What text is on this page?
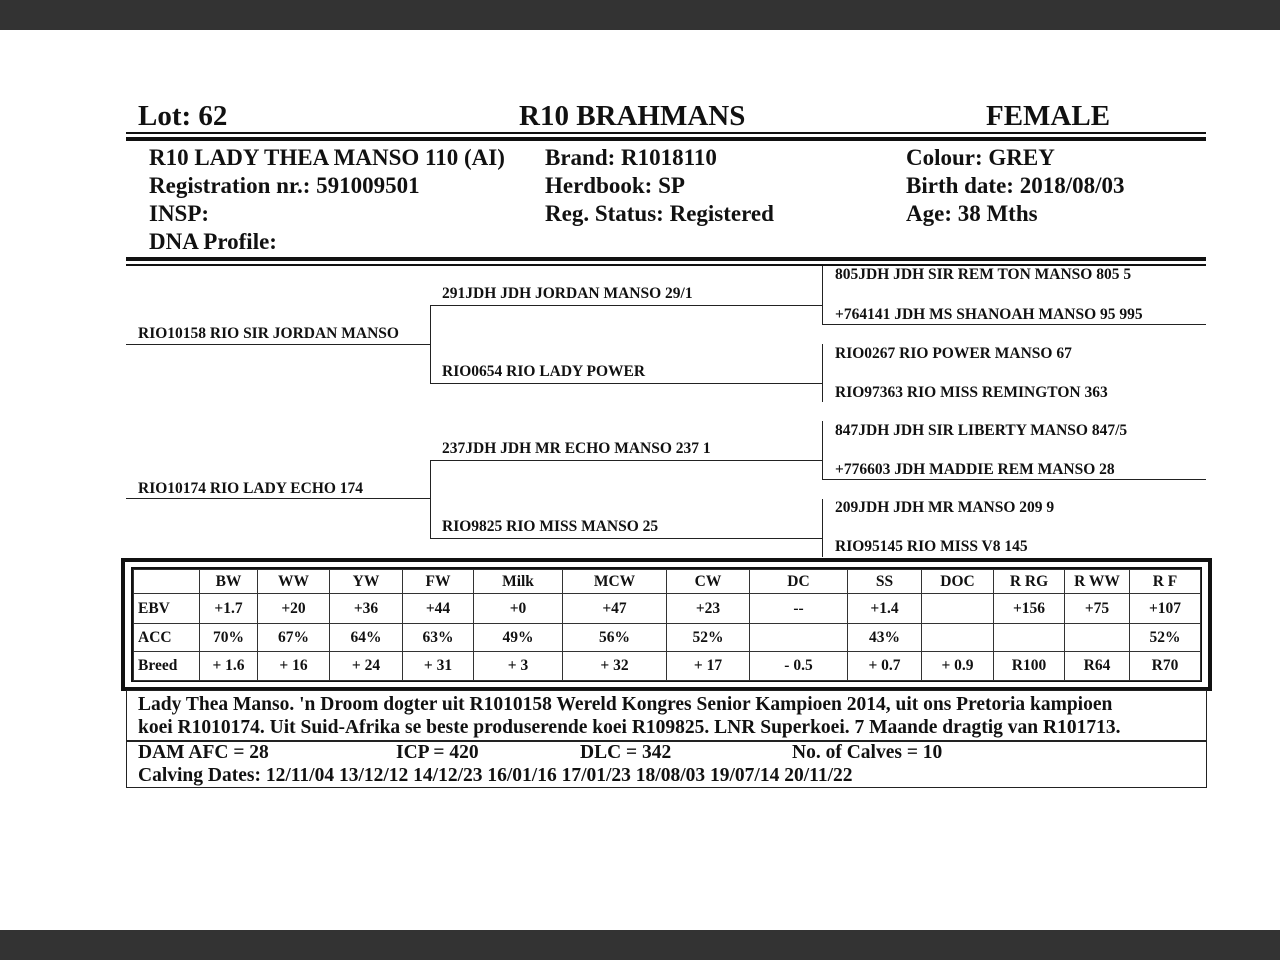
Lot: 62	R10 BRAHMANS	FEMALE
R10 LADY THEA MANSO 110 (AI)
Registration nr.: 591009501
INSP:
DNA Profile:
Brand: R1018110
Herdbook: SP
Reg. Status: Registered
Colour: GREY
Birth date: 2018/08/03
Age: 38 Mths
RIO10158 RIO SIR JORDAN MANSO
RIO10174 RIO LADY ECHO 174
291JDH JDH JORDAN MANSO 29/1
RIO0654 RIO LADY POWER
237JDH JDH MR ECHO MANSO 237 1
RIO9825 RIO MISS MANSO 25
805JDH JDH SIR REM TON MANSO 805 5
+764141 JDH MS SHANOAH MANSO 95 995
RIO0267 RIO POWER MANSO 67
RIO97363 RIO MISS REMINGTON 363
847JDH JDH SIR LIBERTY MANSO 847/5
+776603 JDH MADDIE REM MANSO 28
209JDH JDH MR MANSO 209 9
RIO95145 RIO MISS V8 145
	BW	WW	YW	FW	Milk	MCW	CW	DC	SS	DOC	R RG	R WW	R F
EBV	+1.7	+20	+36	+44	+0	+47	+23	--	+1.4		+156	+75	+107
ACC	70%	67%	64%	63%	49%	56%	52%		43%				52%
Breed	+ 1.6	+ 16	+ 24	+ 31	+ 3	+ 32	+ 17	- 0.5	+ 0.7	+ 0.9	R100	R64	R70
Lady Thea Manso. 'n Droom dogter uit R1010158 Wereld Kongres Senior Kampioen 2014, uit ons Pretoria kampioen
koei R1010174. Uit Suid-Afrika se beste produserende koei R109825. LNR Superkoei. 7 Maande dragtig van R101713.
DAM AFC = 28	ICP = 420	DLC = 342	No. of Calves = 10
Calving Dates: 12/11/04 13/12/12 14/12/23 16/01/16 17/01/23 18/08/03 19/07/14 20/11/22
